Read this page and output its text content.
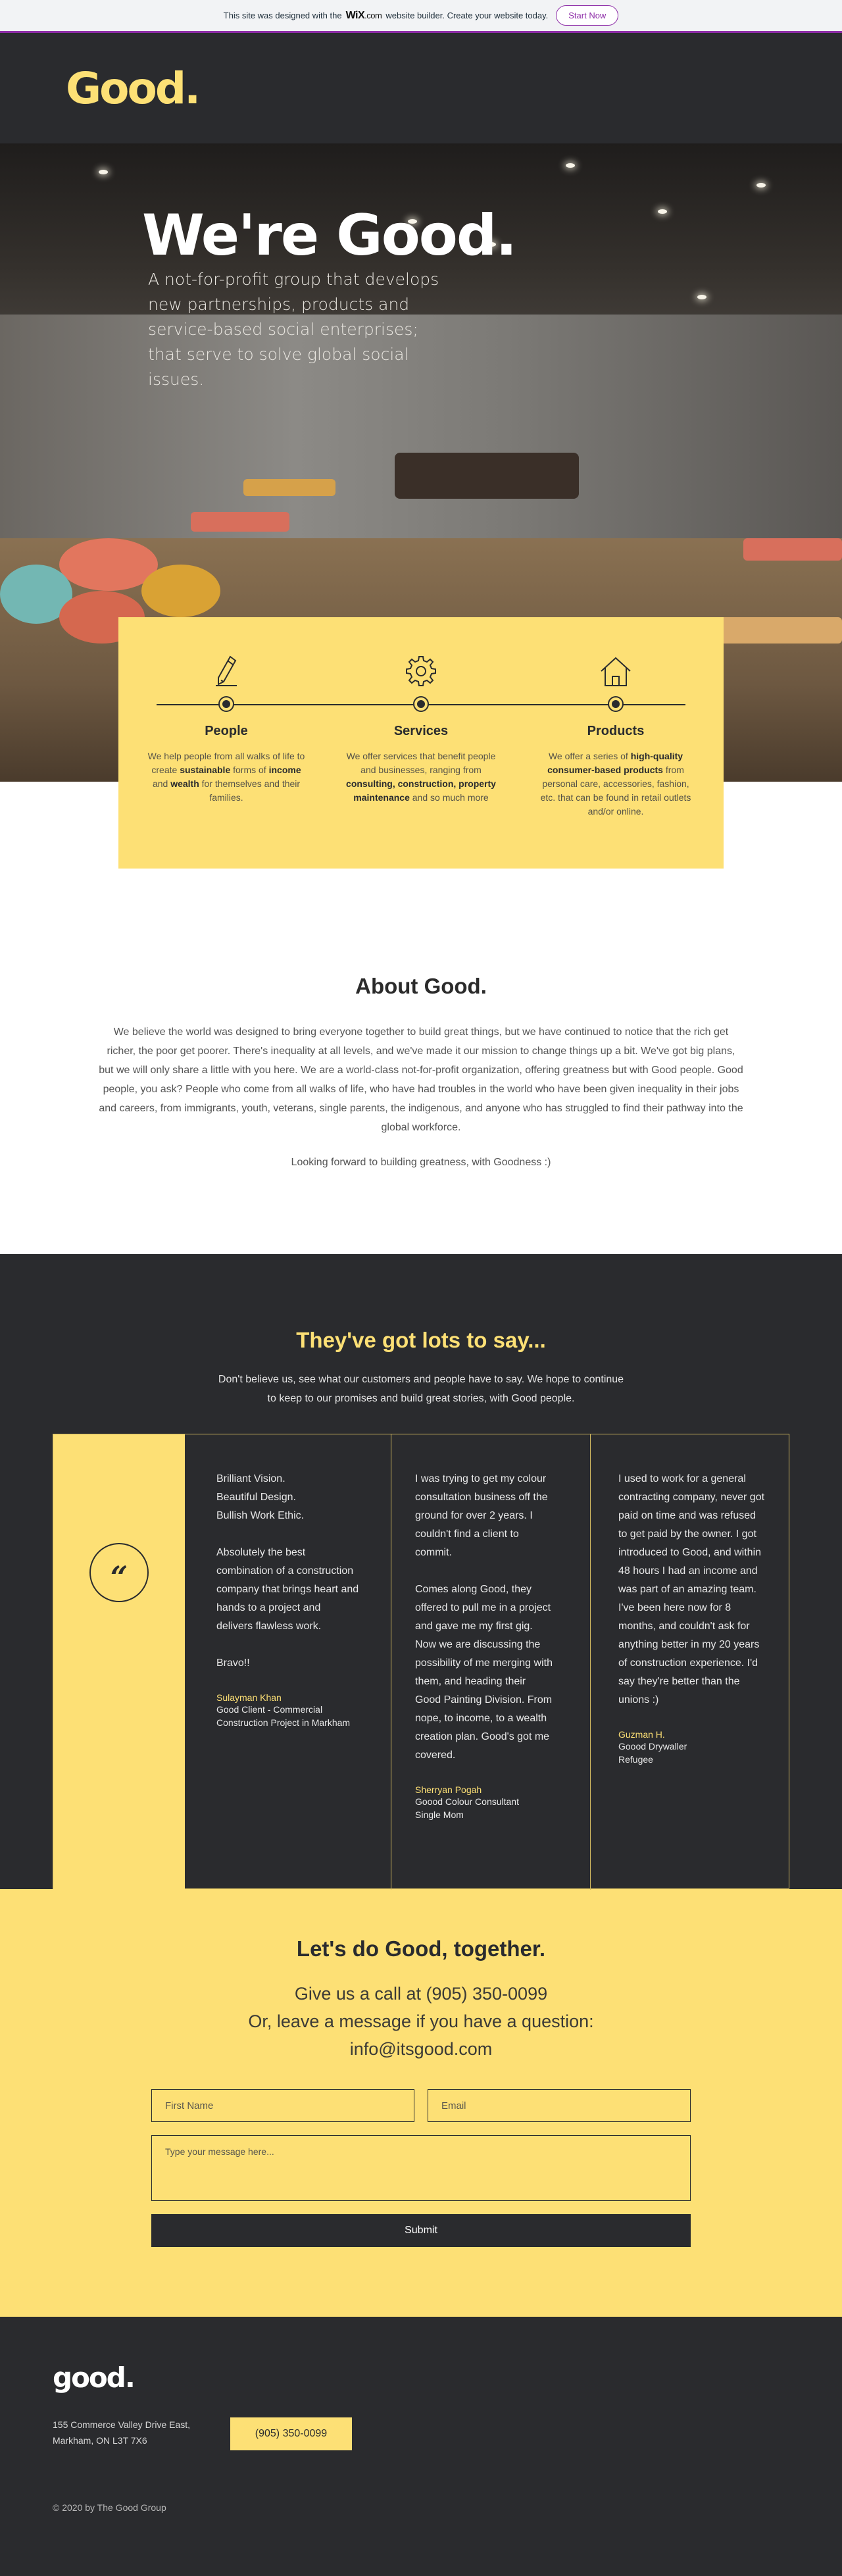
This site was designed with the WiX.com website builder. Create your website today.	Start Now
Good.
We're Good.

A not-for-profit group that develops new partnerships, products and service-based social enterprises; that serve to solve global social issues.

People
We help people from all walks of life to create sustainable forms of income and wealth for themselves and their families.
Services
We offer services that benefit people and businesses, ranging from consulting, construction, property maintenance and so much more
Products
We offer a series of high-quality consumer-based products from personal care, accessories, fashion, etc. that can be found in retail outlets and/or online.
About Good.

We believe the world was designed to bring everyone together to build great things, but we have continued to notice that the rich get richer, the poor get poorer. There's inequality at all levels, and we've made it our mission to change things up a bit. We've got big plans, but we will only share a little with you here. We are a world-class not-for-profit organization, offering greatness but with Good people. Good people, you ask? People who come from all walks of life, who have had troubles in the world who have been given inequality in their jobs and careers, from immigrants, youth, veterans, single parents, the indigenous, and anyone who has struggled to find their pathway into the global workforce.

Looking forward to building greatness, with Goodness :)

They've got lots to say...

Don't believe us, see what our customers and people have to say. We hope to continue to keep to our promises and build great stories, with Good people.

“

Brilliant Vision.
Beautiful Design.
Bullish Work Ethic.

Absolutely the best combination of a construction company that brings heart and hands to a project and delivers flawless work.

Bravo!!

Sulayman Khan
Good Client - Commercial Construction Project in Markham

I was trying to get my colour consultation business off the ground for over 2 years. I couldn't find a client to commit.

Comes along Good, they offered to pull me in a project and gave me my first gig. Now we are discussing the possibility of me merging with them, and heading their Good Painting Division. From nope, to income, to a wealth creation plan. Good's got me covered.

Sherryan Pogah
Goood Colour Consultant
Single Mom

I used to work for a general contracting company, never got paid on time and was refused to get paid by the owner. I got introduced to Good, and within 48 hours I had an income and was part of an amazing team. I've been here now for 8 months, and couldn't ask for anything better in my 20 years of construction experience. I'd say they're better than the unions :)

Guzman H.
Goood Drywaller
Refugee
Let's do Good, together.
Give us a call at (905) 350-0099
Or, leave a message if you have a question:
info@itsgood.com
First Name
Email
Type your message here...
Submit
good.
155 Commerce Valley Drive East,
Markham, ON L3T 7X6
(905) 350-0099
© 2020 by The Good Group
